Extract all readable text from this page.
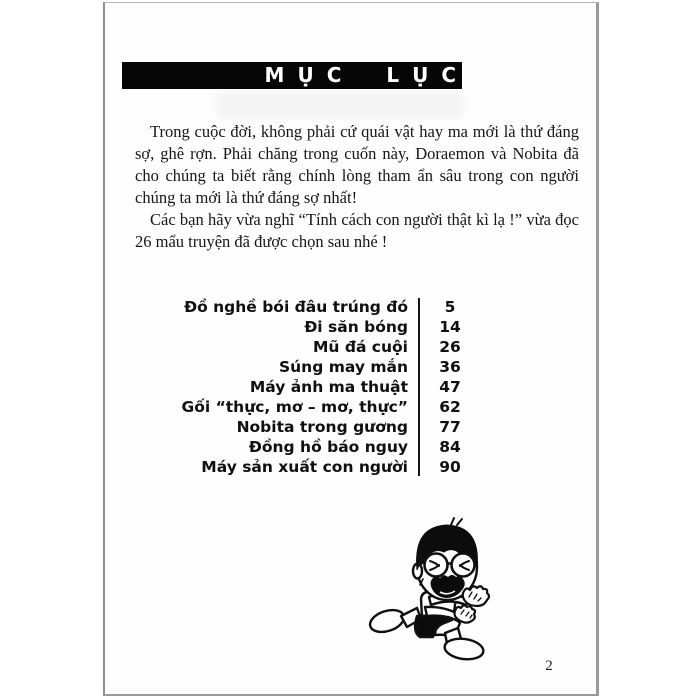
MỤC LỤC

Trong cuộc đời, không phải cứ quái vật hay ma mới là thứ đáng sợ, ghê rợn. Phải chăng trong cuốn này, Doraemon và Nobita đã cho chúng ta biết rằng chính lòng tham ẩn sâu trong con người chúng ta mới là thứ đáng sợ nhất!

Các bạn hãy vừa nghĩ “Tính cách con người thật kì lạ !” vừa đọc 26 mẩu truyện đã được chọn sau nhé !

Đồ nghề bói đâu trúng đó	5
Đi săn bóng	14
Mũ đá cuội	26
Súng may mắn	36
Máy ảnh ma thuật	47
Gối “thực, mơ – mơ, thực”	62
Nobita trong gương	77
Đồng hồ báo nguy	84
Máy sản xuất con người	90
2
